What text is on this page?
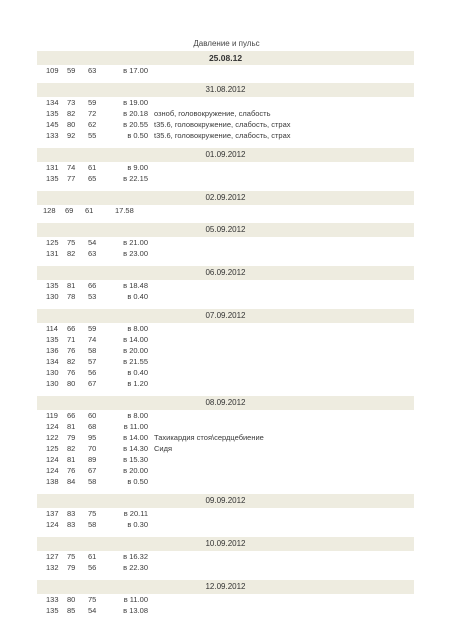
Давление и пульс
25.08.12
109 59 63	в 17.00
31.08.2012
134 73 59	в 19.00
135 82 72	в 20.18 озноб, головокружение, слабость
145 80 62	в 20.55 t35.6, головокружение, слабость, страх
133 92 55	в 0.50 t35.6, головокружение, слабость, страх
01.09.2012
131 74 61	в 9.00
135 77 65	в 22.15
02.09.2012
128 69 61	17.58
05.09.2012
125 75 54	в 21.00
131 82 63	в 23.00
06.09.2012
135 81 66	в 18.48
130 78 53	в 0.40
07.09.2012
114 66 59	в 8.00
135 71 74	в 14.00
136 76 58	в 20.00
134 82 57	в 21.55
130 76 56	в 0.40
130 80 67	в 1.20
08.09.2012
119 66 60	в 8.00
124 81 68	в 11.00
122 79 95	в 14.00 Тахикардия стоя\сердцебиение
125 82 70	в 14.30 Сидя
124 81 89	в 15.30
124 76 67	в 20.00
138 84 58	в 0.50
09.09.2012
137 83 75	в 20.11
124 83 58	в 0.30
10.09.2012
127 75 61	в 16.32
132 79 56	в 22.30
12.09.2012
133 80 75	в 11.00
135 85 54	в 13.08
